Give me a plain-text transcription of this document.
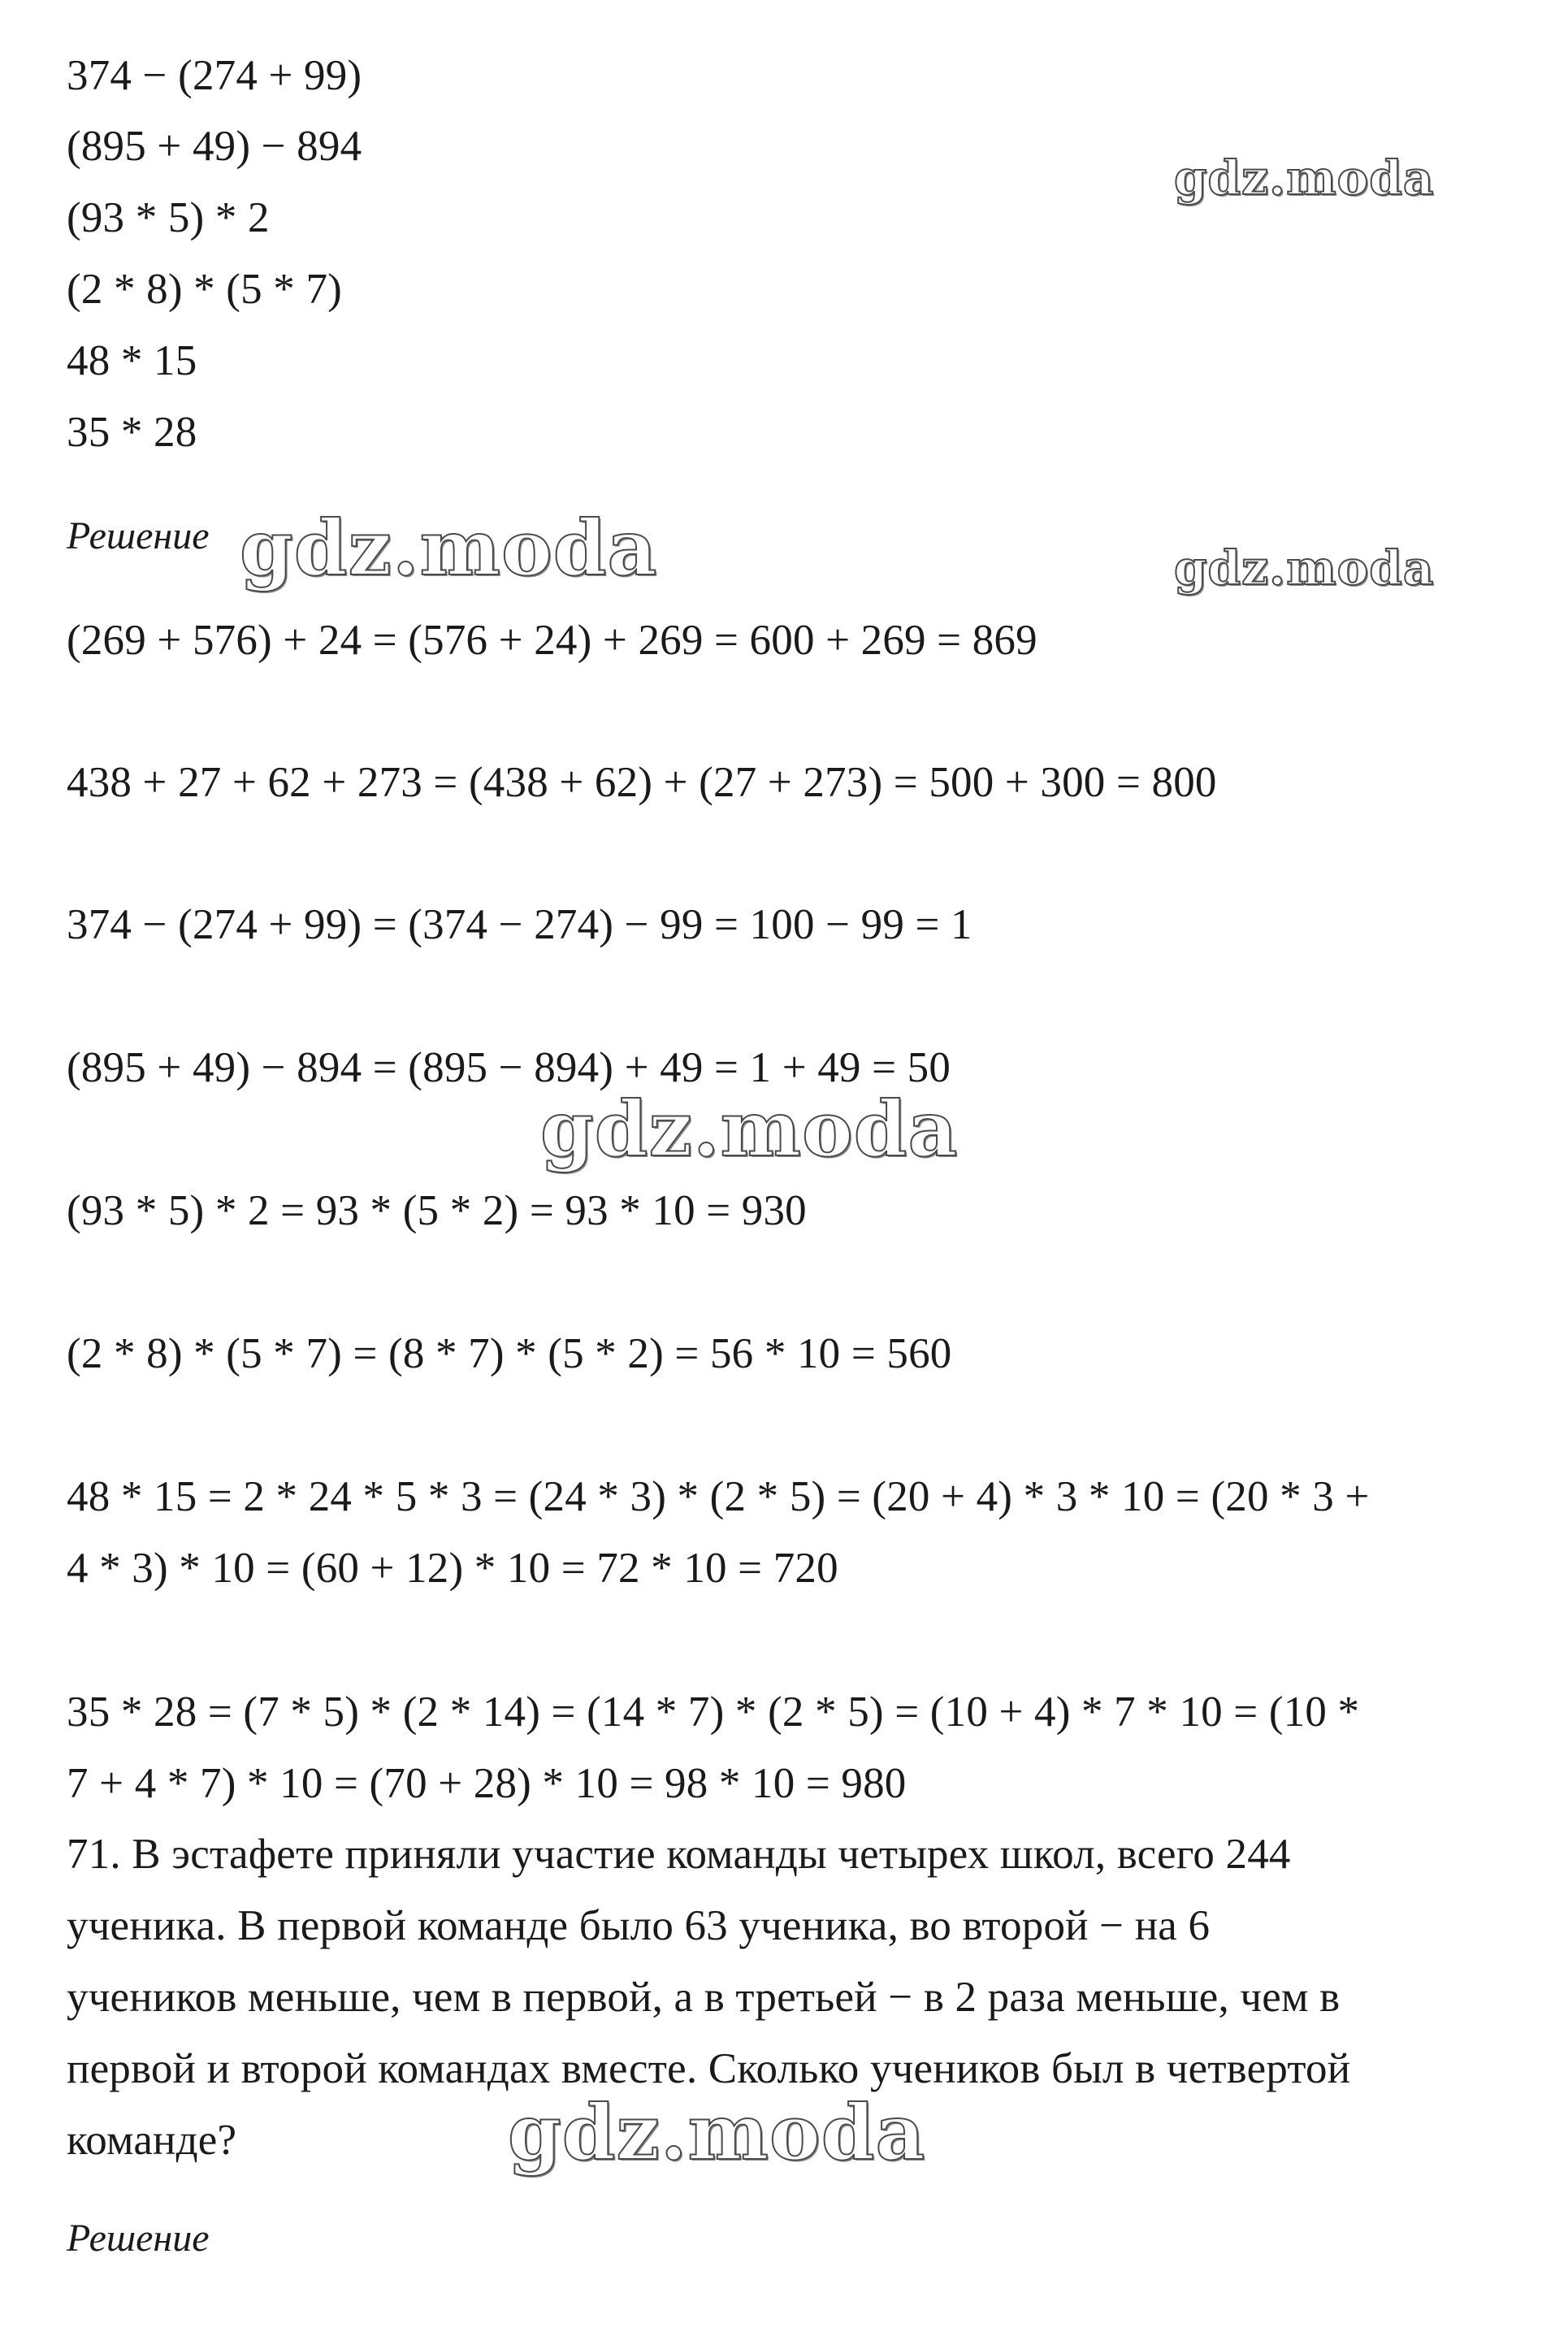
374 − (274 + 99)
(895 + 49) − 894
(93 * 5) * 2
(2 * 8) * (5 * 7)
48 * 15
35 * 28
Решение
(269 + 576) + 24 = (576 + 24) + 269 = 600 + 269 = 869
438 + 27 + 62 + 273 = (438 + 62) + (27 + 273) = 500 + 300 = 800
374 − (274 + 99) = (374 − 274) − 99 = 100 − 99 = 1
(895 + 49) − 894 = (895 − 894) + 49 = 1 + 49 = 50
(93 * 5) * 2 = 93 * (5 * 2) = 93 * 10 = 930
(2 * 8) * (5 * 7) = (8 * 7) * (5 * 2) = 56 * 10 = 560
48 * 15 = 2 * 24 * 5 * 3 = (24 * 3) * (2 * 5) = (20 + 4) * 3 * 10 = (20 * 3 +
4 * 3) * 10 = (60 + 12) * 10 = 72 * 10 = 720
35 * 28 = (7 * 5) * (2 * 14) = (14 * 7) * (2 * 5) = (10 + 4) * 7 * 10 = (10 *
7 + 4 * 7) * 10 = (70 + 28) * 10 = 98 * 10 = 980
71. В эстафете приняли участие команды четырех школ, всего 244
ученика. В первой команде было 63 ученика, во второй − на 6
учеников меньше, чем в первой, а в третьей − в 2 раза меньше, чем в
первой и второй командах вместе. Сколько учеников был в четвертой
команде?
Решение
gdz.moda
gdz.moda
gdz.moda
gdz.moda
gdz.moda
